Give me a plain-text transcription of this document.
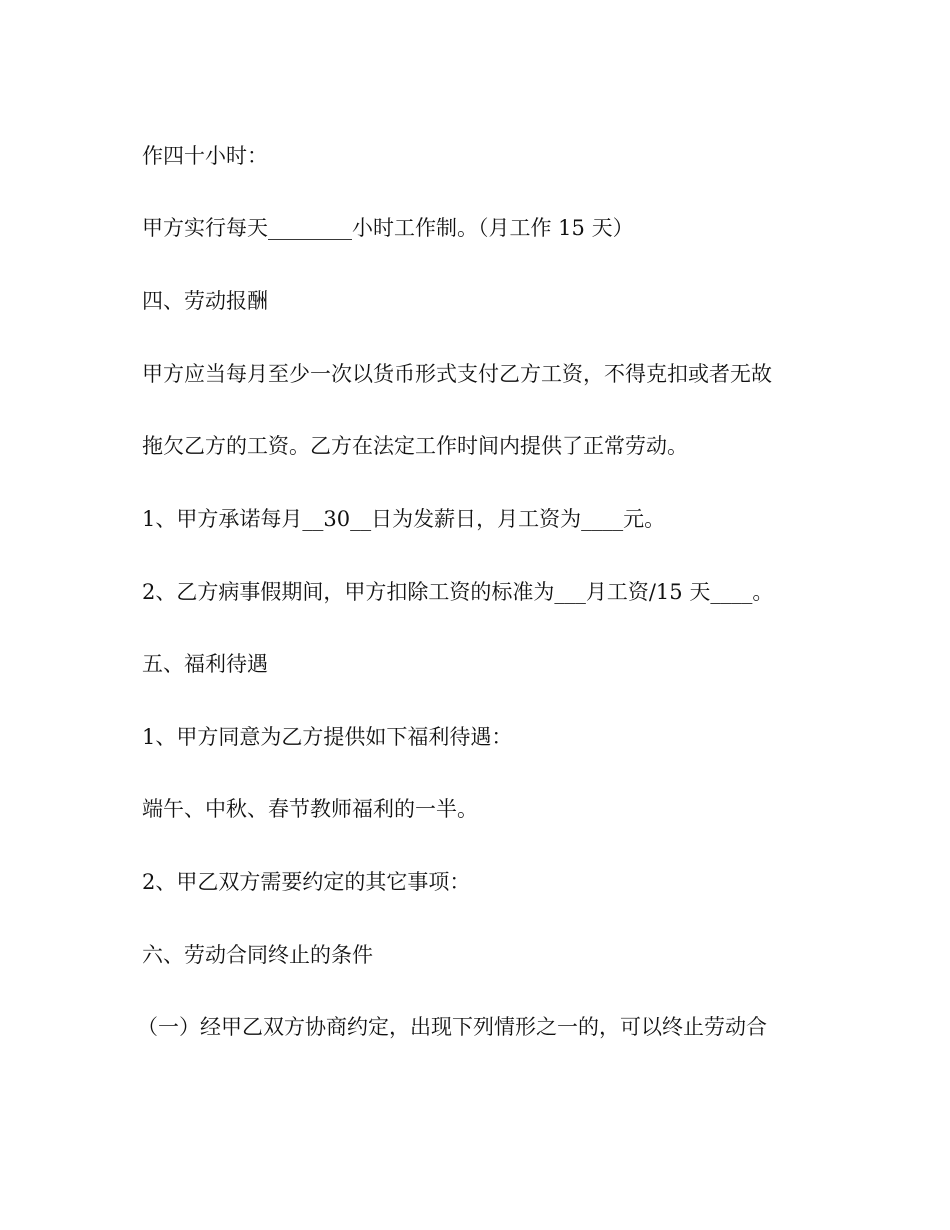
作四十小时：
甲方实行每天________小时工作制。（月工作 15 天）
四、劳动报酬
甲方应当每月至少一次以货币形式支付乙方工资，不得克扣或者无故
拖欠乙方的工资。乙方在法定工作时间内提供了正常劳动。
1、甲方承诺每月__30__日为发薪日，月工资为____元。
2、乙方病事假期间，甲方扣除工资的标准为___月工资/15 天____。
五、福利待遇
1、甲方同意为乙方提供如下福利待遇：
端午、中秋、春节教师福利的一半。
2、甲乙双方需要约定的其它事项：
六、劳动合同终止的条件
（一）经甲乙双方协商约定，出现下列情形之一的，可以终止劳动合
